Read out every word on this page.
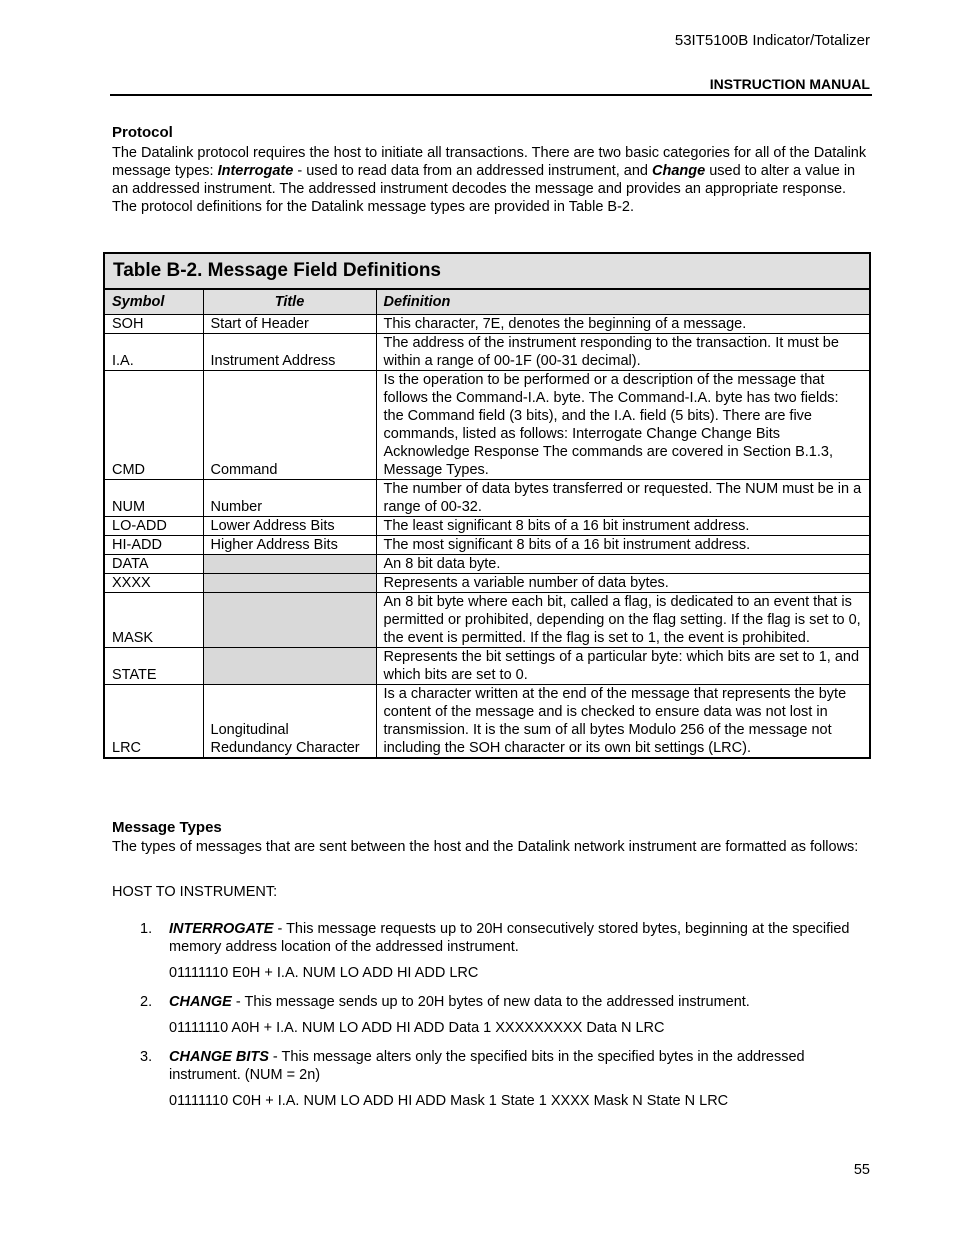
53IT5100B Indicator/Totalizer
INSTRUCTION MANUAL
Protocol
The Datalink protocol requires the host to initiate all transactions. There are two basic categories for all of the Datalink message types: Interrogate - used to read data from an addressed instrument, and Change used to alter a value in an addressed instrument. The addressed instrument decodes the message and provides an appropriate response. The protocol definitions for the Datalink message types are provided in Table B-2.
Table B-2. Message Field Definitions		
Symbol	Title	Definition
SOH	Start of Header	This character, 7E, denotes the beginning of a message.
I.A.	Instrument Address	The address of the instrument responding to the transaction. It must be within a range of 00-1F (00-31 decimal).
CMD	Command	Is the operation to be performed or a description of the message that follows the Command-I.A. byte. The Command-I.A. byte has two fields: the Command field (3 bits), and the I.A. field (5 bits). There are five commands, listed as follows: Interrogate Change Change Bits Acknowledge Response The commands are covered in Section B.1.3, Message Types.
NUM	Number	The number of data bytes transferred or requested. The NUM must be in a range of 00-32.
LO-ADD	Lower Address Bits	The least significant 8 bits of a 16 bit instrument address.
HI-ADD	Higher Address Bits	The most significant 8 bits of a 16 bit instrument address.
DATA		An 8 bit data byte.
XXXX		Represents a variable number of data bytes.
MASK		An 8 bit byte where each bit, called a flag, is dedicated to an event that is permitted or prohibited, depending on the flag setting. If the flag is set to 0, the event is permitted. If the flag is set to 1, the event is prohibited.
STATE		Represents the bit settings of a particular byte: which bits are set to 1, and which bits are set to 0.
LRC	Longitudinal Redundancy Character	Is a character written at the end of the message that represents the byte content of the message and is checked to ensure data was not lost in transmission. It is the sum of all bytes Modulo 256 of the message not including the SOH character or its own bit settings (LRC).
Message Types
The types of messages that are sent between the host and the Datalink network instrument are formatted as follows:
HOST TO INSTRUMENT:
1. INTERROGATE - This message requests up to 20H consecutively stored bytes, beginning at the specified memory address location of the addressed instrument.
01111110 E0H + I.A. NUM LO ADD HI ADD LRC
2. CHANGE - This message sends up to 20H bytes of new data to the addressed instrument.
01111110 A0H + I.A. NUM LO ADD HI ADD Data 1 XXXXXXXXX Data N LRC
3. CHANGE BITS - This message alters only the specified bits in the specified bytes in the addressed instrument. (NUM = 2n)
01111110 C0H + I.A. NUM LO ADD HI ADD Mask 1 State 1 XXXX Mask N State N LRC
55
